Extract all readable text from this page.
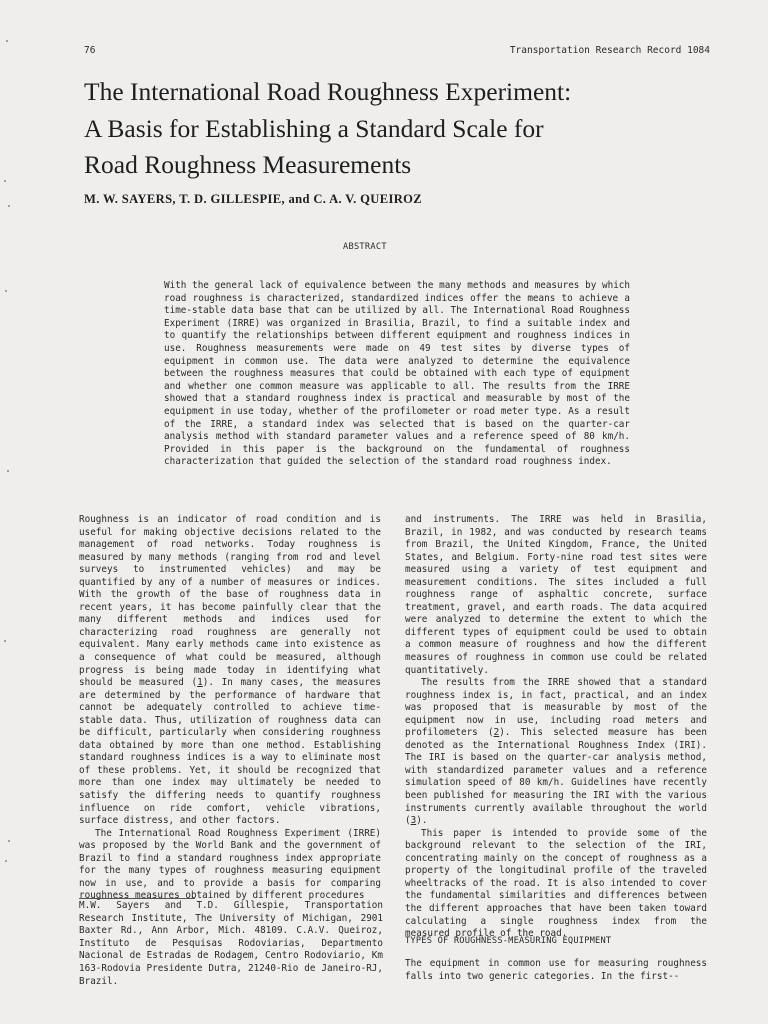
76	Transportation Research Record 1084
The International Road Roughness Experiment:
A Basis for Establishing a Standard Scale for
Road Roughness Measurements
M. W. SAYERS, T. D. GILLESPIE, and C. A. V. QUEIROZ
ABSTRACT
With the general lack of equivalence between the many methods and measures by which road roughness is characterized, standardized indices offer the means to achieve a time-stable data base that can be utilized by all. The International Road Roughness Experiment (IRRE) was organized in Brasilia, Brazil, to find a suitable index and to quantify the relationships between different equipment and roughness indices in use. Roughness measurements were made on 49 test sites by diverse types of equipment in common use. The data were analyzed to determine the equivalence between the roughness measures that could be obtained with each type of equipment and whether one common measure was applicable to all. The results from the IRRE showed that a standard roughness index is practical and measurable by most of the equipment in use today, whether of the profilometer or road meter type. As a result of the IRRE, a standard index was selected that is based on the quarter-car analysis method with standard parameter values and a reference speed of 80 km/h. Provided in this paper is the background on the fundamental of roughness characterization that guided the selection of the standard road roughness index.

Roughness is an indicator of road condition and is useful for making objective decisions related to the management of road networks. Today roughness is measured by many methods (ranging from rod and level surveys to instrumented vehicles) and may be quantified by any of a number of measures or indices. With the growth of the base of roughness data in recent years, it has become painfully clear that the many different methods and indices used for characterizing road roughness are generally not equivalent. Many early methods came into existence as a consequence of what could be measured, although progress is being made today in identifying what should be measured (1). In many cases, the measures are determined by the performance of hardware that cannot be adequately controlled to achieve time-stable data. Thus, utilization of roughness data can be difficult, particularly when considering roughness data obtained by more than one method. Establishing standard roughness indices is a way to eliminate most of these problems. Yet, it should be recognized that more than one index may ultimately be needed to satisfy the differing needs to quantify roughness influence on ride comfort, vehicle vibrations, surface distress, and other factors.

The International Road Roughness Experiment (IRRE) was proposed by the World Bank and the government of Brazil to find a standard roughness index appropriate for the many types of roughness measuring equipment now in use, and to provide a basis for comparing roughness measures obtained by different procedures

and instruments. The IRRE was held in Brasilia, Brazil, in 1982, and was conducted by research teams from Brazil, the United Kingdom, France, the United States, and Belgium. Forty-nine road test sites were measured using a variety of test equipment and measurement conditions. The sites included a full roughness range of asphaltic concrete, surface treatment, gravel, and earth roads. The data acquired were analyzed to determine the extent to which the different types of equipment could be used to obtain a common measure of roughness and how the different measures of roughness in common use could be related quantitatively.

The results from the IRRE showed that a standard roughness index is, in fact, practical, and an index was proposed that is measurable by most of the equipment now in use, including road meters and profilometers (2). This selected measure has been denoted as the International Roughness Index (IRI). The IRI is based on the quarter-car analysis method, with standardized parameter values and a reference simulation speed of 80 km/h. Guidelines have recently been published for measuring the IRI with the various instruments currently available throughout the world (3).

This paper is intended to provide some of the background relevant to the selection of the IRI, concentrating mainly on the concept of roughness as a property of the longitudinal profile of the traveled wheeltracks of the road. It is also intended to cover the fundamental similarities and differences between the different approaches that have been taken toward calculating a single roughness index from the measured profile of the road.

M.W. Sayers and T.D. Gillespie, Transportation Research Institute, The University of Michigan, 2901 Baxter Rd., Ann Arbor, Mich. 48109. C.A.V. Queiroz, Instituto de Pesquisas Rodoviarias, Departmento Nacional de Estradas de Rodagem, Centro Rodoviario, Km 163-Rodovia Presidente Dutra, 21240-Rio de Janeiro-RJ, Brazil.
TYPES OF ROUGHNESS-MEASURING EQUIPMENT
The equipment in common use for measuring roughness falls into two generic categories. In the first--
